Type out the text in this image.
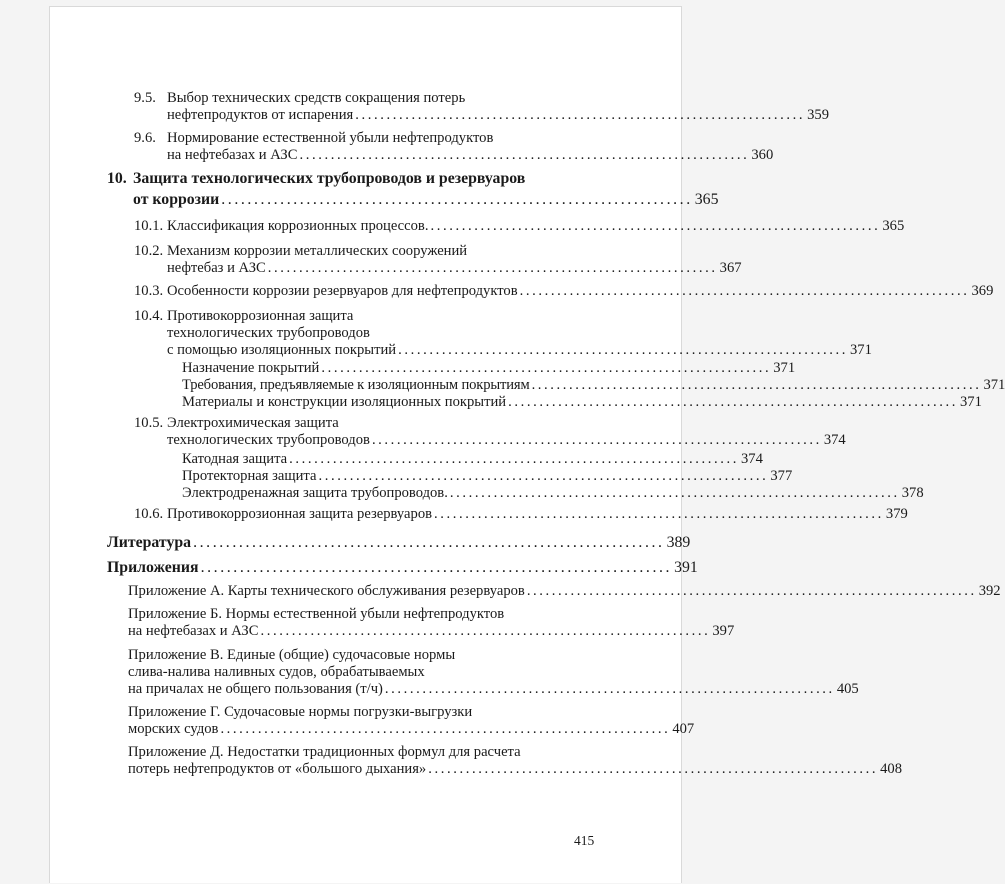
9.5. Выбор технических средств сокращения потерь
нефтепродуктов от испарения ........................................................................ 359
9.6. Нормирование естественной убыли нефтепродуктов
на нефтебазах и АЗС ........................................................................ 360
10. Защита технологических трубопроводов и резервуаров
от коррозии ........................................................................ 365
10.1. Классификация коррозионных процессов. ........................................................................ 365
10.2. Механизм коррозии металлических сооружений
нефтебаз и АЗС ........................................................................ 367
10.3. Особенности коррозии резервуаров для нефтепродуктов ........................................................................ 369
10.4. Противокоррозионная защита
технологических трубопроводов
с помощью изоляционных покрытий ........................................................................ 371
Назначение покрытий ........................................................................ 371
Требования, предъявляемые к изоляционным покрытиям ........................................................................ 371
Материалы и конструкции изоляционных покрытий ........................................................................ 371
10.5. Электрохимическая защита
технологических трубопроводов ........................................................................ 374
Катодная защита ........................................................................ 374
Протекторная защита ........................................................................ 377
Электродренажная защита трубопроводов. ........................................................................ 378
10.6. Противокоррозионная защита резервуаров ........................................................................ 379
Литература ........................................................................ 389
Приложения ........................................................................ 391
Приложение А. Карты технического обслуживания резервуаров ........................................................................ 392
Приложение Б. Нормы естественной убыли нефтепродуктов
на нефтебазах и АЗС ........................................................................ 397
Приложение В. Единые (общие) судочасовые нормы
слива-налива наливных судов, обрабатываемых
на причалах не общего пользования (т/ч) ........................................................................ 405
Приложение Г. Судочасовые нормы погрузки-выгрузки
морских судов ........................................................................ 407
Приложение Д. Недостатки традиционных формул для расчета
потерь нефтепродуктов от «большого дыхания» ........................................................................ 408
415
